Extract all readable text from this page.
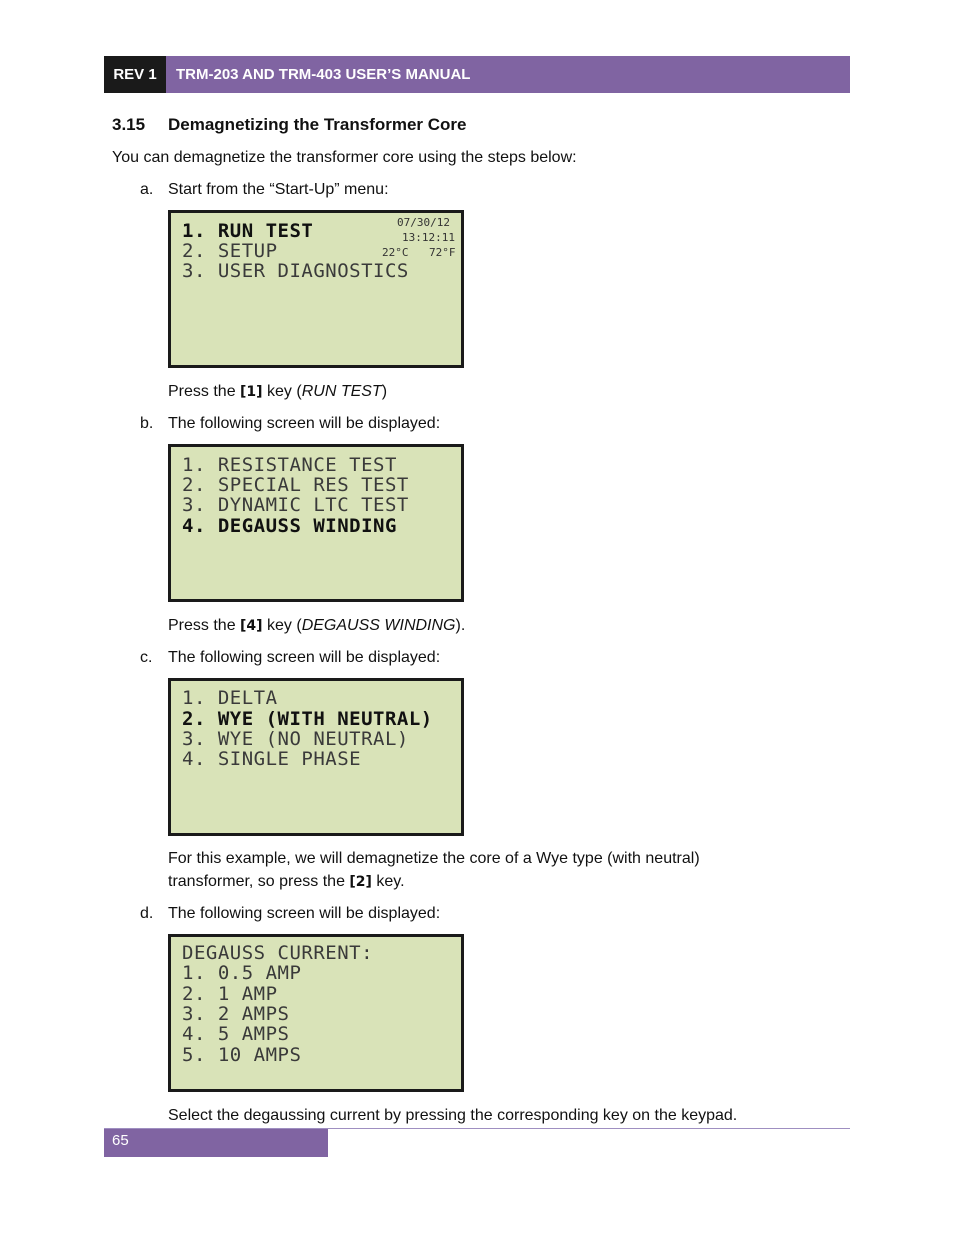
REV 1	TRM-203 AND TRM-403 USER’S MANUAL
3.15 Demagnetizing the Transformer Core
You can demagnetize the transformer core using the steps below:
a. Start from the “Start-Up” menu:
1. RUN TEST
2. SETUP
3. USER DIAGNOSTICS
07/30/12
13:12:11
22°C 72°F
Press the [1] key (RUN TEST)
b. The following screen will be displayed:
1. RESISTANCE TEST
2. SPECIAL RES TEST
3. DYNAMIC LTC TEST
4. DEGAUSS WINDING
Press the [4] key (DEGAUSS WINDING).
c. The following screen will be displayed:
1. DELTA
2. WYE (WITH NEUTRAL)
3. WYE (NO NEUTRAL)
4. SINGLE PHASE
For this example, we will demagnetize the core of a Wye type (with neutral)
transformer, so press the [2] key.
d. The following screen will be displayed:
DEGAUSS CURRENT:
1. 0.5 AMP
2. 1 AMP
3. 2 AMPS
4. 5 AMPS
5. 10 AMPS
Select the degaussing current by pressing the corresponding key on the keypad.
65
